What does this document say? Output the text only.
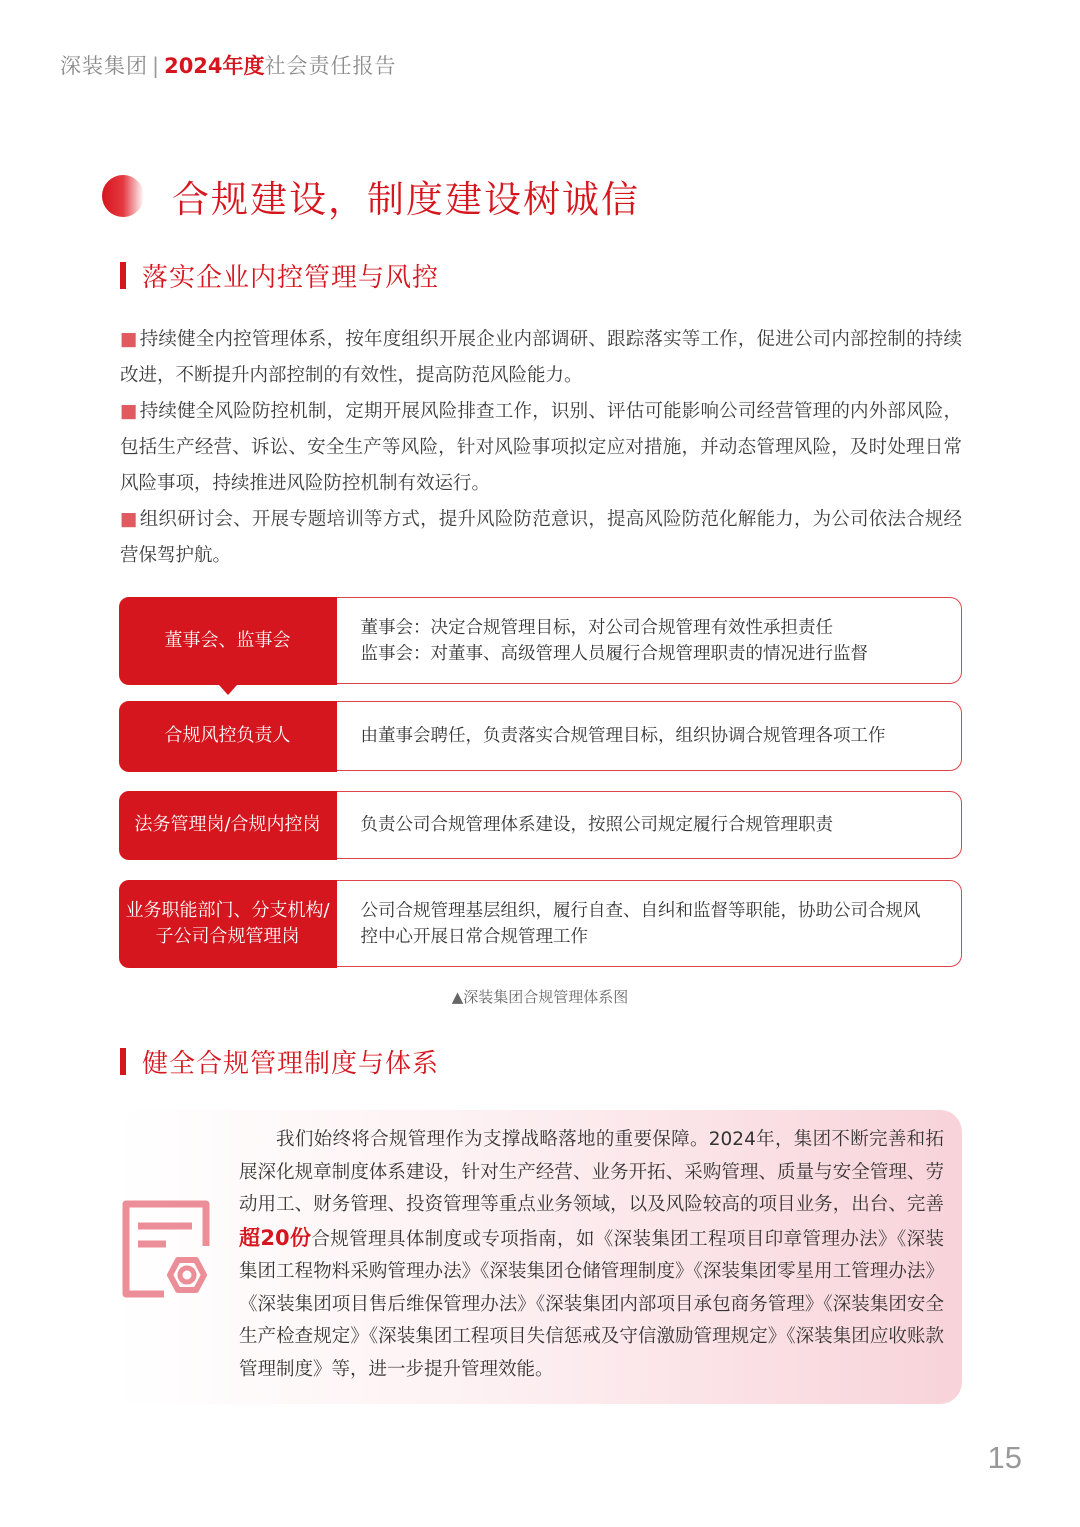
深装集团 | 2024年度社会责任报告
合规建设，制度建设树诚信
落实企业内控管理与风控
■ 持续健全内控管理体系，按年度组织开展企业内部调研、跟踪落实等工作，促进公司内部控制的持续改进，不断提升内部控制的有效性，提高防范风险能力。
■ 持续健全风险防控机制，定期开展风险排查工作，识别、评估可能影响公司经营管理的内外部风险，包括生产经营、诉讼、安全生产等风险，针对风险事项拟定应对措施，并动态管理风险，及时处理日常风险事项，持续推进风险防控机制有效运行。
■ 组织研讨会、开展专题培训等方式，提升风险防范意识，提高风险防范化解能力，为公司依法合规经营保驾护航。
董事会、监事会
董事会：决定合规管理目标，对公司合规管理有效性承担责任
监事会：对董事、高级管理人员履行合规管理职责的情况进行监督
合规风控负责人	由董事会聘任，负责落实合规管理目标，组织协调合规管理各项工作
法务管理岗/合规内控岗 负责公司合规管理体系建设，按照公司规定履行合规管理职责
业务职能部门、分支机构/
子公司合规管理岗
公司合规管理基层组织，履行自查、自纠和监督等职能，协助公司合规风
控中心开展日常合规管理工作
▲深装集团合规管理体系图
健全合规管理制度与体系
我们始终将合规管理作为支撑战略落地的重要保障。2024年，集团不断完善和拓展深化规章制度体系建设，针对生产经营、业务开拓、采购管理、质量与安全管理、劳动用工、财务管理、投资管理等重点业务领域，以及风险较高的项目业务，出台、完善超20份合规管理具体制度或专项指南，如《深装集团工程项目印章管理办法》《深装集团工程物料采购管理办法》《深装集团仓储管理制度》《深装集团零星用工管理办法》《深装集团项目售后维保管理办法》《深装集团内部项目承包商务管理》《深装集团安全生产检查规定》《深装集团工程项目失信惩戒及守信激励管理规定》《深装集团应收账款管理制度》等，进一步提升管理效能。
15
